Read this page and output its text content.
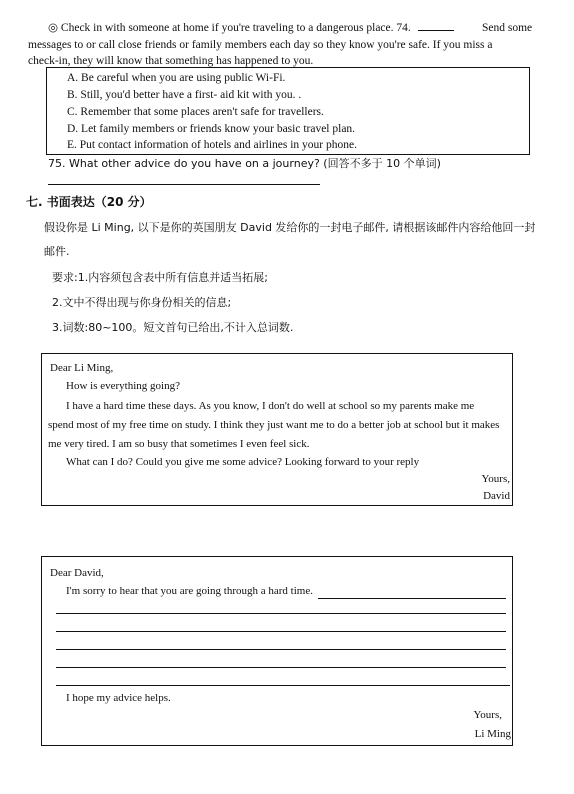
◎ Check in with someone at home if you're traveling to a dangerous place. 74.	Send some
messages to or call close friends or family members each day so they know you're safe. If you miss a
check-in, they will know that something has happened to you.
A. Be careful when you are using public Wi-Fi.
B. Still, you'd better have a first- aid kit with you. .
C. Remember that some places aren't safe for travellers.
D. Let family members or friends know your basic travel plan.
E. Put contact information of hotels and airlines in your phone.
75. What other advice do you have on a journey? (回答不多于 10 个单词)
七. 书面表达（20 分）
假设你是 Li Ming, 以下是你的英国朋友 David 发给你的一封电子邮件, 请根据该邮件内容给他回一封
邮件.
要求:1.内容须包含表中所有信息并适当拓展;
2.文中不得出现与你身份相关的信息;
3.词数:80~100。短文首句已给出,不计入总词数.
Dear Li Ming,
How is everything going?
I have a hard time these days. As you know, I don't do well at school so my parents make me
spend most of my free time on study. I think they just want me to do a better job at school but it makes
me very tired. I am so busy that sometimes I even feel sick.
What can I do? Could you give me some advice? Looking forward to your reply
Yours,
David
Dear David,
I'm sorry to hear that you are going through a hard time.
I hope my advice helps.
Yours,
Li Ming
